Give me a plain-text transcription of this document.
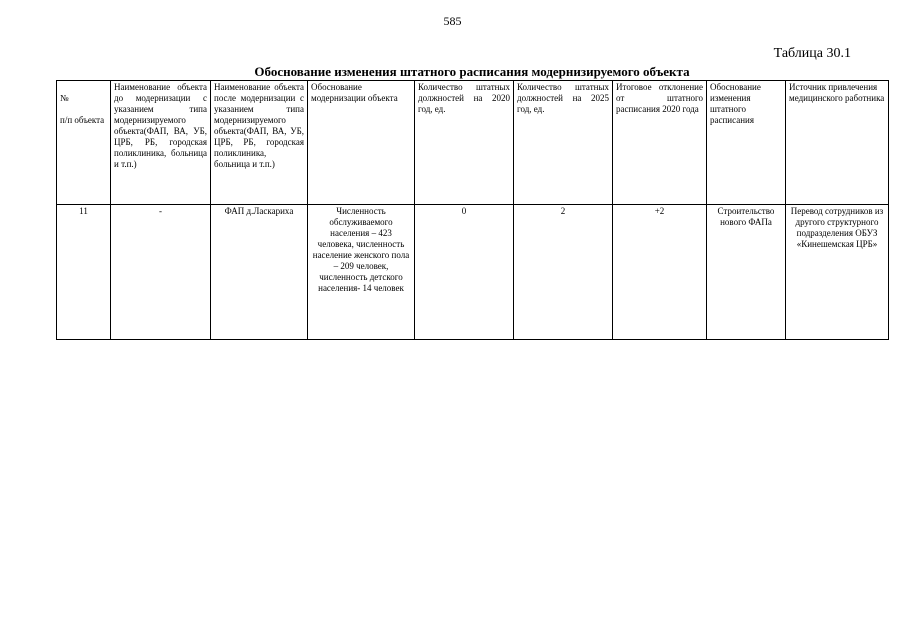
585
Таблица 30.1
Обоснование изменения штатного расписания модернизируемого объекта
№
п/п объекта	Наименование объекта до модернизации с указанием типа модернизируемого объекта(ФАП, ВА, УБ, ЦРБ, РБ, городская поликлиника, больница и т.п.)	Наименование объекта после модернизации с указанием типа модернизируемого объекта(ФАП, ВА, УБ, ЦРБ, РБ, городская поликлиника, больница и т.п.)	Обоснование модернизации объекта	Количество штатных должностей на 2020 год, ед.	Количество штатных должностей на 2025 год, ед.	Итоговое отклонение от штатного расписания 2020 года	Обоснование изменения штатного расписания	Источник привлечения медицинского работника
11	-	ФАП д.Ласкариха	Численность обслуживаемого населения – 423 человека, численность население женского пола – 209 человек, численность детского населения- 14 человек	0	2	+2	Строительство нового ФАПа	Перевод сотрудников из другого структурного подразделения ОБУЗ «Кинешемская ЦРБ»
